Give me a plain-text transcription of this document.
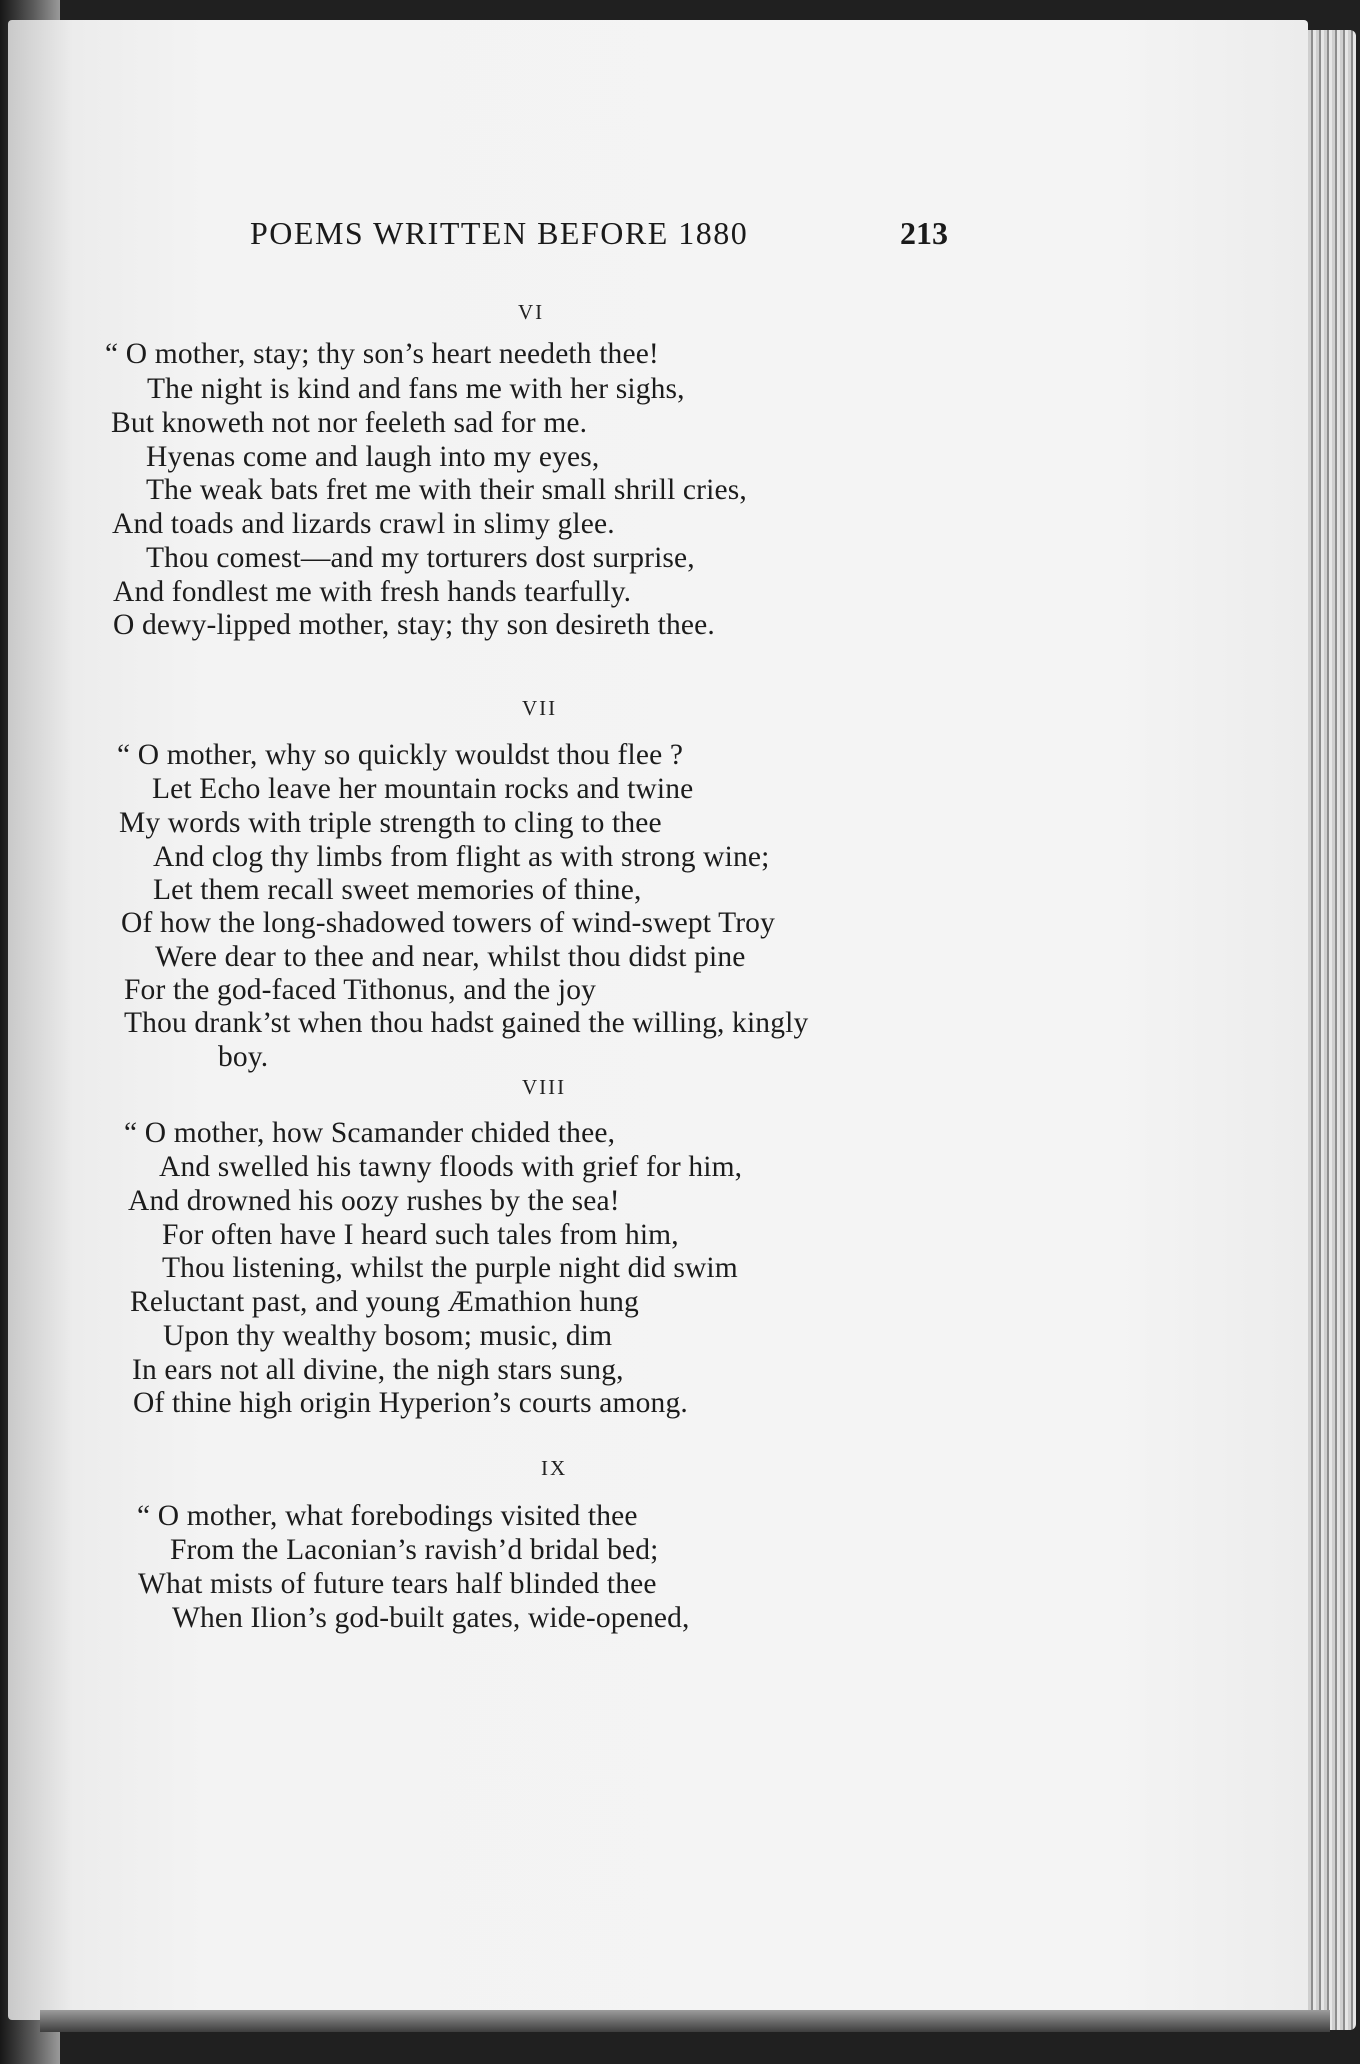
POEMS WRITTEN BEFORE 1880	213
VI
“ O mother, stay; thy son’s heart needeth thee!
The night is kind and fans me with her sighs,
But knoweth not nor feeleth sad for me.
Hyenas come and laugh into my eyes,
The weak bats fret me with their small shrill cries,
And toads and lizards crawl in slimy glee.
Thou comest—and my torturers dost surprise,
And fondlest me with fresh hands tearfully.
O dewy-lipped mother, stay; thy son desireth thee.
VII
“ O mother, why so quickly wouldst thou flee ?
Let Echo leave her mountain rocks and twine
My words with triple strength to cling to thee
And clog thy limbs from flight as with strong wine;
Let them recall sweet memories of thine,
Of how the long-shadowed towers of wind-swept Troy
Were dear to thee and near, whilst thou didst pine
For the god-faced Tithonus, and the joy
Thou drank’st when thou hadst gained the willing, kingly
boy.
VIII
“ O mother, how Scamander chided thee,
And swelled his tawny floods with grief for him,
And drowned his oozy rushes by the sea!
For often have I heard such tales from him,
Thou listening, whilst the purple night did swim
Reluctant past, and young Æmathion hung
Upon thy wealthy bosom; music, dim
In ears not all divine, the nigh stars sung,
Of thine high origin Hyperion’s courts among.
IX
“ O mother, what forebodings visited thee
From the Laconian’s ravish’d bridal bed;
What mists of future tears half blinded thee
When Ilion’s god-built gates, wide-opened,
